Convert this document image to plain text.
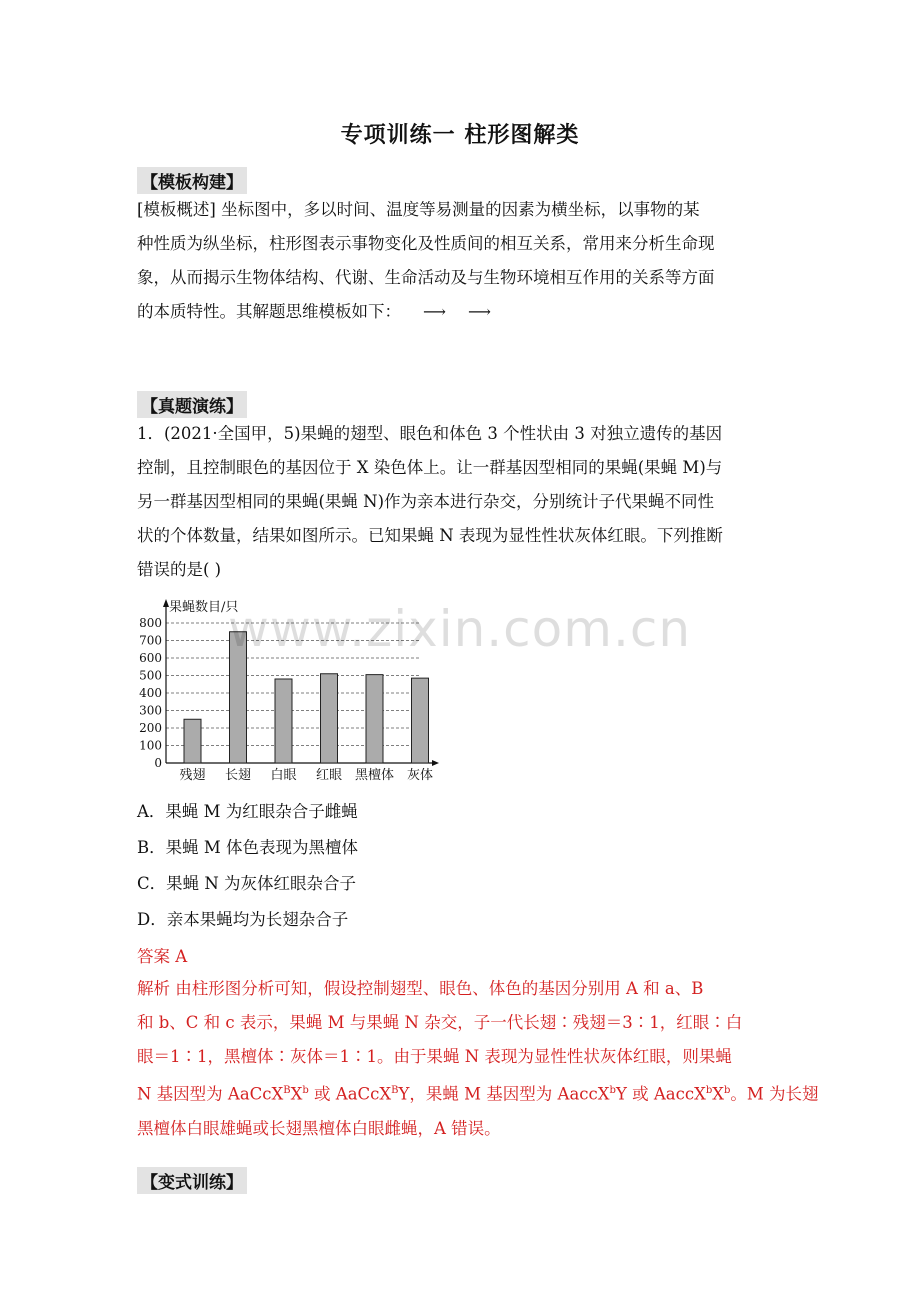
专项训练一 柱形图解类
【模板构建】
[模板概述] 坐标图中，多以时间、温度等易测量的因素为横坐标，以事物的某
种性质为纵坐标，柱形图表示事物变化及性质间的相互关系，常用来分析生命现
象，从而揭示生物体结构、代谢、生命活动及与生物环境相互作用的关系等方面
的本质特性。其解题思维模板如下： ⟶ ⟶
【真题演练】
1．(2021·全国甲，5)果蝇的翅型、眼色和体色 3 个性状由 3 对独立遗传的基因
控制，且控制眼色的基因位于 X 染色体上。让一群基因型相同的果蝇(果蝇 M)与
另一群基因型相同的果蝇(果蝇 N)作为亲本进行杂交，分别统计子代果蝇不同性
状的个体数量，结果如图所示。已知果蝇 N 表现为显性性状灰体红眼。下列推断
错误的是( )
0
100
200
300
400
500
600
700
800
果蝇数目/只
残翅 长翅 白眼 红眼 黑檀体 灰体
www.zixin.com.cn
A．果蝇 M 为红眼杂合子雌蝇
B．果蝇 M 体色表现为黑檀体
C．果蝇 N 为灰体红眼杂合子
D．亲本果蝇均为长翅杂合子
答案 A
解析 由柱形图分析可知，假设控制翅型、眼色、体色的基因分别用 A 和 a、B
和 b、C 和 c 表示，果蝇 M 与果蝇 N 杂交，子一代长翅∶残翅＝3∶1，红眼∶白
眼＝1∶1，黑檀体∶灰体＝1∶1。由于果蝇 N 表现为显性性状灰体红眼，则果蝇
N 基因型为 $AaCcX^BX^b$ 或 AaCcX$^B$Y，果蝇 M 基因型为 AaccX$^b$Y 或 $AaccX^bX^b$。M 为长翅
黑檀体白眼雄蝇或长翅黑檀体白眼雌蝇，A 错误。
【变式训练】
